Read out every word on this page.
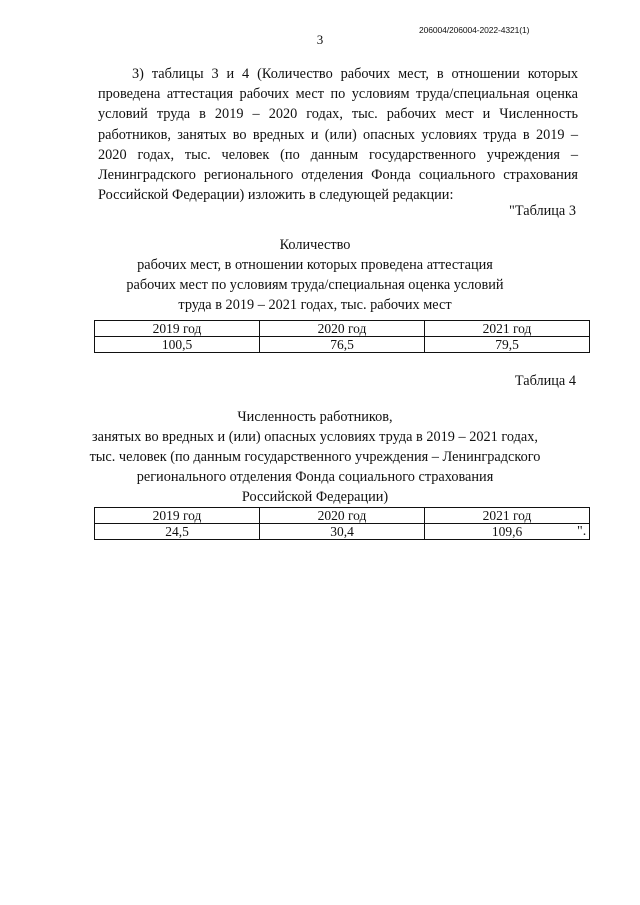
3
206004/206004-2022-4321(1)

3) таблицы 3 и 4 (Количество рабочих мест, в отношении которых проведена аттестация рабочих мест по условиям труда/специальная оценка условий труда в 2019 – 2020 годах, тыс. рабочих мест и Численность работников, занятых во вредных и (или) опасных условиях труда в 2019 – 2020 годах, тыс. человек (по данным государственного учреждения – Ленинградского регионального отделения Фонда социального страхования Российской Федерации) изложить в следующей редакции:

"Таблица 3
Количество
рабочих мест, в отношении которых проведена аттестация
рабочих мест по условиям труда/специальная оценка условий
труда в 2019 – 2021 годах, тыс. рабочих мест
2019 год	2020 год	2021 год
100,5	76,5	79,5
Таблица 4
Численность работников,
занятых во вредных и (или) опасных условиях труда в 2019 – 2021 годах,
тыс. человек (по данным государственного учреждения – Ленинградского
регионального отделения Фонда социального страхования
Российской Федерации)
2019 год	2020 год	2021 год
24,5	30,4	109,6	".
